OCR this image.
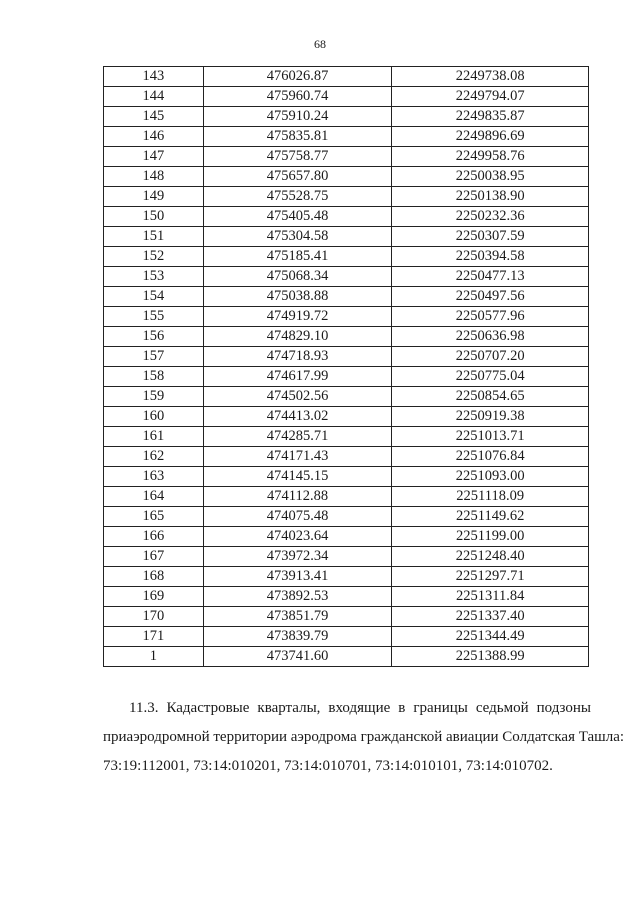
68
143	476026.87	2249738.08
144	475960.74	2249794.07
145	475910.24	2249835.87
146	475835.81	2249896.69
147	475758.77	2249958.76
148	475657.80	2250038.95
149	475528.75	2250138.90
150	475405.48	2250232.36
151	475304.58	2250307.59
152	475185.41	2250394.58
153	475068.34	2250477.13
154	475038.88	2250497.56
155	474919.72	2250577.96
156	474829.10	2250636.98
157	474718.93	2250707.20
158	474617.99	2250775.04
159	474502.56	2250854.65
160	474413.02	2250919.38
161	474285.71	2251013.71
162	474171.43	2251076.84
163	474145.15	2251093.00
164	474112.88	2251118.09
165	474075.48	2251149.62
166	474023.64	2251199.00
167	473972.34	2251248.40
168	473913.41	2251297.71
169	473892.53	2251311.84
170	473851.79	2251337.40
171	473839.79	2251344.49
1	473741.60	2251388.99

11.3. Кадастровые кварталы, входящие в границы седьмой подзоны

приаэродромной территории аэродрома гражданской авиации Солдатская Ташла:

73:19:112001, 73:14:010201, 73:14:010701, 73:14:010101, 73:14:010702.
